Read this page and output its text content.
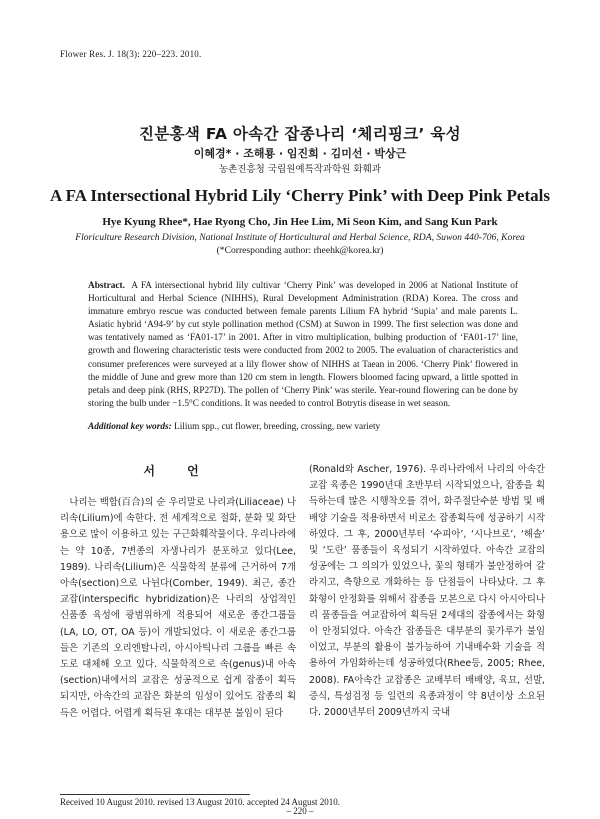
Flower Res. J. 18(3): 220–223. 2010.
진분홍색 FA 아속간 잡종나리 ‘체리핑크’ 육성
이혜경* · 조해룡 · 임진희 · 김미선 · 박상근
농촌진흥청 국립원예특작과학원 화훼과
A FA Intersectional Hybrid Lily ‘Cherry Pink’ with Deep Pink Petals
Hye Kyung Rhee*, Hae Ryong Cho, Jin Hee Lim, Mi Seon Kim, and Sang Kun Park
Floriculture Research Division, National Institute of Horticultural and Herbal Science, RDA, Suwon 440-706, Korea
(*Corresponding author: rheehk@korea.kr)
Abstract. A FA intersectional hybrid lily cultivar ‘Cherry Pink’ was developed in 2006 at National Institute of Horticultural and Herbal Science (NIHHS), Rural Development Administration (RDA) Korea. The cross and immature embryo rescue was conducted between female parents Lilium FA hybrid ‘Supia’ and male parents L. Asiatic hybrid ‘A94-9’ by cut style pollination method (CSM) at Suwon in 1999. The first selection was done and was tentatively named as ‘FA01-17’ in 2001. After in vitro multiplication, bulbing production of ‘FA01-17’ line, growth and flowering characteristic tests were conducted from 2002 to 2005. The evaluation of characteristics and consumer preferences were surveyed at a lily flower show of NIHHS at Taean in 2006. ‘Cherry Pink’ flowered in the middle of June and grew more than 120 cm stem in length. Flowers bloomed facing upward, a little spotted in petals and deep pink (RHS, RP27D). The pollen of ‘Cherry Pink’ was sterile. Year-round flowering can be done by storing the bulb under −1.5°C conditions. It was needed to control Botrytis disease in wet season.
Additional key words: Lilium spp., cut flower, breeding, crossing, new variety
서 언

나리는 백합(百合)의 순 우리말로 나리과(Liliaceae) 나리속(Lilium)에 속한다. 전 세계적으로 절화, 분화 및 화단용으로 많이 이용하고 있는 구근화훼작물이다. 우리나라에는 약 10종, 7변종의 자생나리가 분포하고 있다(Lee, 1989). 나리속(Lilium)은 식물학적 분류에 근거하여 7개 아속(section)으로 나뉜다(Comber, 1949). 최근, 종간 교잡(interspecific hybridization)은 나리의 상업적인 신품종 육성에 광범위하게 적용되어 새로운 종간그룹들(LA, LO, OT, OA 등)이 개발되었다. 이 새로운 종간그룹들은 기존의 오리엔탈나리, 아시아틱나리 그룹을 빠른 속도로 대체해 오고 있다. 식물학적으로 속(genus)내 아속(section)내에서의 교잡은 성공적으로 쉽게 잡종이 획득되지만, 아속간의 교잡은 화분의 임성이 있어도 잡종의 획득은 어렵다. 어렵게 획득된 후대는 대부분 불임이 된다

(Ronald와 Ascher, 1976). 우리나라에서 나리의 아속간 교잡 육종은 1990년대 초반부터 시작되었으나, 잡종을 획득하는데 많은 시행착오를 겪어, 화주절단수분 방법 및 배배양 기술을 적용하면서 비로소 잡종획득에 성공하기 시작하였다. 그 후, 2000년부터 ‘수피아’, ‘시나브로’, ‘해솔’ 및 ‘도란’ 품종들이 육성되기 시작하였다. 아속간 교잡의 성공에는 그 의의가 있었으나, 꽃의 형태가 불안정하여 갈라지고, 측향으로 개화하는 등 단점들이 나타났다. 그 후 화형이 안정화를 위해서 잡종을 모본으로 다시 아시아티나리 품종들을 여교잡하여 획득된 2세대의 잡종에서는 화형이 안정되었다. 아속간 잡종들은 대부분의 꽃가루가 불임이었고, 부분의 활용이 불가능하여 기내배수화 기술을 적용하여 가임화하는데 성공하였다(Rhee등, 2005; Rhee, 2008). FA아속간 교잡종은 교배부터 배배양, 육묘, 선발, 증식, 특성검정 등 일련의 육종과정이 약 8년이상 소요된다. 2000년부터 2009년까지 국내

Received 10 August 2010. revised 13 August 2010. accepted 24 August 2010.
– 220 –
